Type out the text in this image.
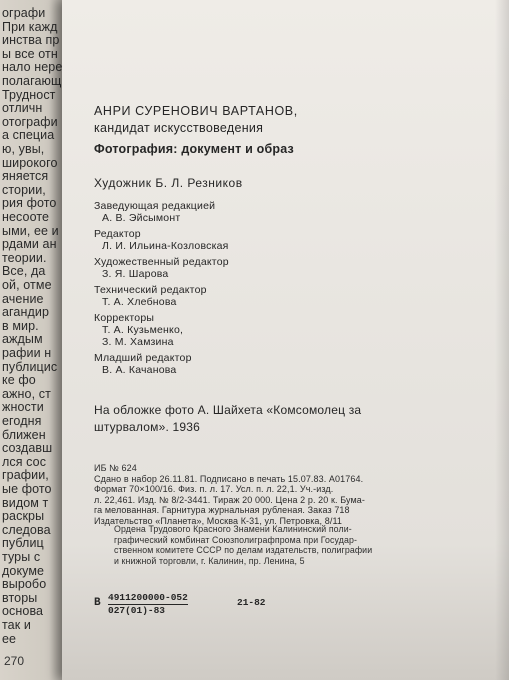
ографи
При кажд
инства пр
ы все отн
нало нере
полагающ
Трудност
отличн
отографи
а специа
ю, увы,
широкого
яняется
стории,
рия фото
несооте
ыми, ее и
рдами ан
теории.
Все, да
ой, отме
ачение
агандир
в мир.
аждым
рафии н
публицис
ке фо
ажно, ст
жности
егодня
ближен
создавш
лся сос
графии,
ые фото
видом т
раскры
следова
публиц
туры с
докуме
выробо
вторы
основа
так и
ее
270
АНРИ СУРЕНОВИЧ ВАРТАНОВ,
кандидат искусствоведения
Фотография: документ и образ
Художник Б. Л. Резников
Заведующая редакцией
А. В. Эйсымонт
Редактор
Л. И. Ильина-Козловская
Художественный редактор
З. Я. Шарова
Технический редактор
Т. А. Хлебнова
Корректоры
Т. А. Кузьменко,
З. М. Хамзина
Младший редактор
В. А. Качанова
На обложке фото А. Шайхета «Комсомолец за
штурвалом». 1936
ИБ № 624
Сдано в набор 26.11.81. Подписано в печать 15.07.83. А01764.
Формат 70×100/16. Физ. п. л. 17. Усл. п. л. 22,1. Уч.-изд.
л. 22,461. Изд. № 8/2-3441. Тираж 20 000. Цена 2 р. 20 к. Бума-
га мелованная. Гарнитура журнальная рубленая. Заказ 718
Издательство «Планета», Москва К-31, ул. Петровка, 8/11
Ордена Трудового Красного Знамени Калининский поли-
графический комбинат Союзполиграфпрома при Государ-
ственном комитете СССР по делам издательств, полиграфии
и книжной торговли, г. Калинин, пр. Ленина, 5
В 4911200000-052
027(01)-83
21-82
